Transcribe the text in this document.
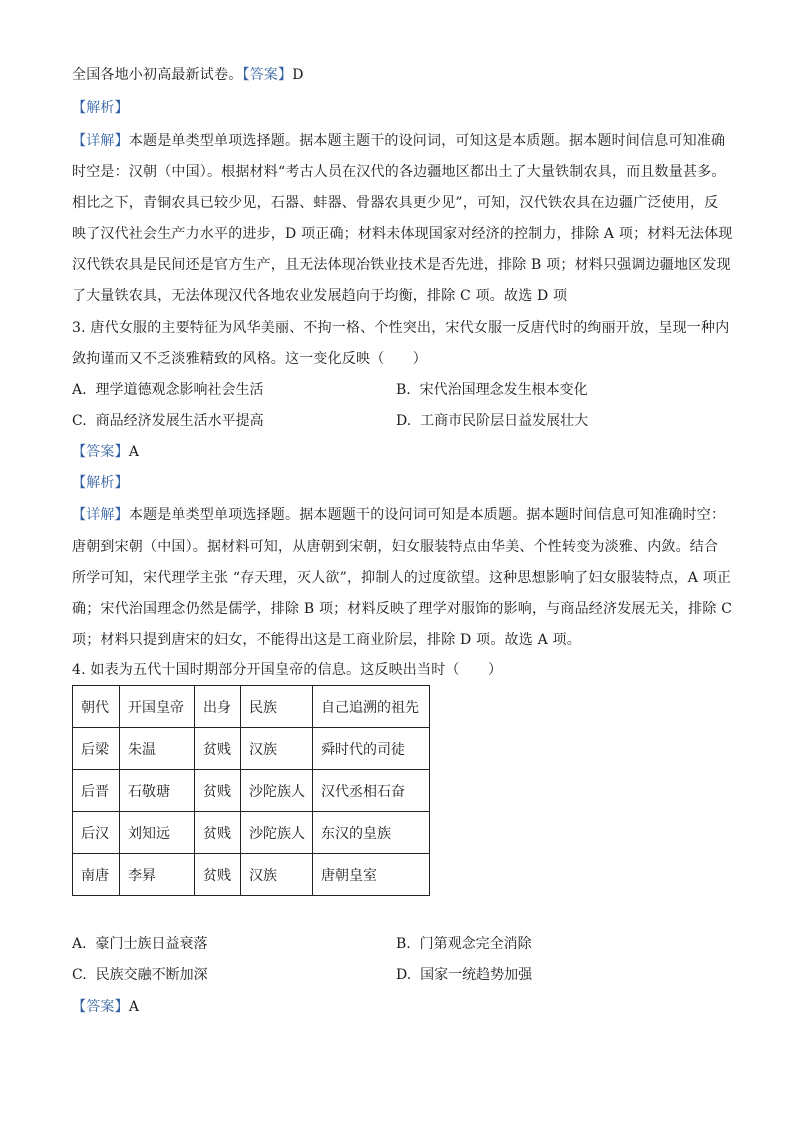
全国各地小初高最新试卷。【答案】D
【解析】
【详解】本题是单类型单项选择题。据本题主题干的设问词，可知这是本质题。据本题时间信息可知准确
时空是：汉朝（中国）。根据材料“考古人员在汉代的各边疆地区都出土了大量铁制农具，而且数量甚多。
相比之下，青铜农具已较少见，石器、蚌器、骨器农具更少见”，可知，汉代铁农具在边疆广泛使用，反
映了汉代社会生产力水平的进步，D 项正确；材料未体现国家对经济的控制力，排除 A 项；材料无法体现
汉代铁农具是民间还是官方生产，且无法体现冶铁业技术是否先进，排除 B 项；材料只强调边疆地区发现
了大量铁农具，无法体现汉代各地农业发展趋向于均衡，排除 C 项。故选 D 项
3. 唐代女服的主要特征为风华美丽、不拘一格、个性突出，宋代女服一反唐代时的绚丽开放，呈现一种内
敛拘谨而又不乏淡雅精致的风格。这一变化反映（　　）
A. 理学道德观念影响社会生活	B. 宋代治国理念发生根本变化
C. 商品经济发展生活水平提高	D. 工商市民阶层日益发展壮大
【答案】A
【解析】
【详解】本题是单类型单项选择题。据本题题干的设问词可知是本质题。据本题时间信息可知准确时空：
唐朝到宋朝（中国）。据材料可知，从唐朝到宋朝，妇女服装特点由华美、个性转变为淡雅、内敛。结合
所学可知，宋代理学主张 “存天理，灭人欲”，抑制人的过度欲望。这种思想影响了妇女服装特点，A 项正
确；宋代治国理念仍然是儒学，排除 B 项；材料反映了理学对服饰的影响，与商品经济发展无关，排除 C
项；材料只提到唐宋的妇女，不能得出这是工商业阶层，排除 D 项。故选 A 项。
4. 如表为五代十国时期部分开国皇帝的信息。这反映出当时（　　）
朝代	开国皇帝	出身	民族	自己追溯的祖先
后梁	朱温	贫贱	汉族	舜时代的司徒
后晋	石敬瑭	贫贱	沙陀族人	汉代丞相石奋
后汉	刘知远	贫贱	沙陀族人	东汉的皇族
南唐	李昪	贫贱	汉族	唐朝皇室
A. 豪门士族日益衰落	B. 门第观念完全消除
C. 民族交融不断加深	D. 国家一统趋势加强
【答案】A
